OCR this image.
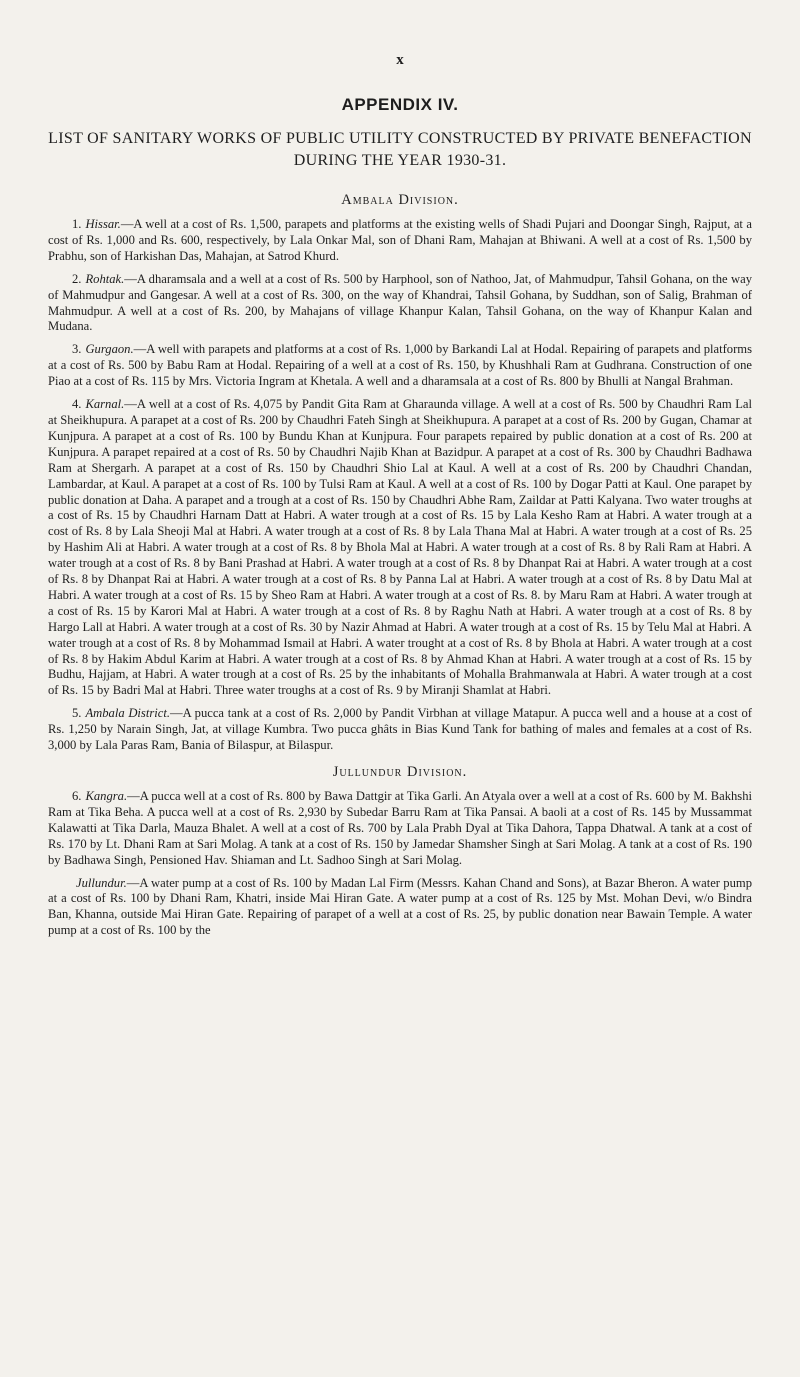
x
APPENDIX IV.
LIST OF SANITARY WORKS OF PUBLIC UTILITY CONSTRUCTED BY PRIVATE BENEFACTION DURING THE YEAR 1930-31.
Ambala Division.

1. Hissar.—A well at a cost of Rs. 1,500, parapets and platforms at the existing wells of Shadi Pujari and Doongar Singh, Rajput, at a cost of Rs. 1,000 and Rs. 600, respectively, by Lala Onkar Mal, son of Dhani Ram, Mahajan at Bhiwani. A well at a cost of Rs. 1,500 by Prabhu, son of Harkishan Das, Mahajan, at Satrod Khurd.

2. Rohtak.—A dharamsala and a well at a cost of Rs. 500 by Harphool, son of Nathoo, Jat, of Mahmudpur, Tahsil Gohana, on the way of Mahmudpur and Gangesar. A well at a cost of Rs. 300, on the way of Khandrai, Tahsil Gohana, by Suddhan, son of Salig, Brahman of Mahmudpur. A well at a cost of Rs. 200, by Mahajans of village Khanpur Kalan, Tahsil Gohana, on the way of Khanpur Kalan and Mudana.

3. Gurgaon.—A well with parapets and platforms at a cost of Rs. 1,000 by Barkandi Lal at Hodal. Repairing of parapets and platforms at a cost of Rs. 500 by Babu Ram at Hodal. Repairing of a well at a cost of Rs. 150, by Khushhali Ram at Gudhrana. Construction of one Piao at a cost of Rs. 115 by Mrs. Victoria Ingram at Khetala. A well and a dharamsala at a cost of Rs. 800 by Bhulli at Nangal Brahman.

4. Karnal.—A well at a cost of Rs. 4,075 by Pandit Gita Ram at Gharaunda village. A well at a cost of Rs. 500 by Chaudhri Ram Lal at Sheikhupura. A parapet at a cost of Rs. 200 by Chaudhri Fateh Singh at Sheikhupura. A parapet at a cost of Rs. 200 by Gugan, Chamar at Kunjpura. A parapet at a cost of Rs. 100 by Bundu Khan at Kunjpura. Four parapets repaired by public donation at a cost of Rs. 200 at Kunjpura. A parapet repaired at a cost of Rs. 50 by Chaudhri Najib Khan at Bazidpur. A parapet at a cost of Rs. 300 by Chaudhri Badhawa Ram at Shergarh. A parapet at a cost of Rs. 150 by Chaudhri Shio Lal at Kaul. A well at a cost of Rs. 200 by Chaudhri Chandan, Lambardar, at Kaul. A parapet at a cost of Rs. 100 by Tulsi Ram at Kaul. A well at a cost of Rs. 100 by Dogar Patti at Kaul. One parapet by public donation at Daha. A parapet and a trough at a cost of Rs. 150 by Chaudhri Abhe Ram, Zaildar at Patti Kalyana. Two water troughs at a cost of Rs. 15 by Chaudhri Harnam Datt at Habri. A water trough at a cost of Rs. 15 by Lala Kesho Ram at Habri. A water trough at a cost of Rs. 8 by Lala Sheoji Mal at Habri. A water trough at a cost of Rs. 8 by Lala Thana Mal at Habri. A water trough at a cost of Rs. 25 by Hashim Ali at Habri. A water trough at a cost of Rs. 8 by Bhola Mal at Habri. A water trough at a cost of Rs. 8 by Rali Ram at Habri. A water trough at a cost of Rs. 8 by Bani Prashad at Habri. A water trough at a cost of Rs. 8 by Dhanpat Rai at Habri. A water trough at a cost of Rs. 8 by Dhanpat Rai at Habri. A water trough at a cost of Rs. 8 by Panna Lal at Habri. A water trough at a cost of Rs. 8 by Datu Mal at Habri. A water trough at a cost of Rs. 15 by Sheo Ram at Habri. A water trough at a cost of Rs. 8. by Maru Ram at Habri. A water trough at a cost of Rs. 15 by Karori Mal at Habri. A water trough at a cost of Rs. 8 by Raghu Nath at Habri. A water trough at a cost of Rs. 8 by Hargo Lall at Habri. A water trough at a cost of Rs. 30 by Nazir Ahmad at Habri. A water trough at a cost of Rs. 15 by Telu Mal at Habri. A water trough at a cost of Rs. 8 by Mohammad Ismail at Habri. A water trought at a cost of Rs. 8 by Bhola at Habri. A water trough at a cost of Rs. 8 by Hakim Abdul Karim at Habri. A water trough at a cost of Rs. 8 by Ahmad Khan at Habri. A water trough at a cost of Rs. 15 by Budhu, Hajjam, at Habri. A water trough at a cost of Rs. 25 by the inhabitants of Mohalla Brahmanwala at Habri. A water trough at a cost of Rs. 15 by Badri Mal at Habri. Three water troughs at a cost of Rs. 9 by Miranji Shamlat at Habri.

5. Ambala District.—A pucca tank at a cost of Rs. 2,000 by Pandit Virbhan at village Matapur. A pucca well and a house at a cost of Rs. 1,250 by Narain Singh, Jat, at village Kumbra. Two pucca ghâts in Bias Kund Tank for bathing of males and females at a cost of Rs. 3,000 by Lala Paras Ram, Bania of Bilaspur, at Bilaspur.

Jullundur Division.

6. Kangra.—A pucca well at a cost of Rs. 800 by Bawa Dattgir at Tika Garli. An Atyala over a well at a cost of Rs. 600 by M. Bakhshi Ram at Tika Beha. A pucca well at a cost of Rs. 2,930 by Subedar Barru Ram at Tika Pansai. A baoli at a cost of Rs. 145 by Mussammat Kalawatti at Tika Darla, Mauza Bhalet. A well at a cost of Rs. 700 by Lala Prabh Dyal at Tika Dahora, Tappa Dhatwal. A tank at a cost of Rs. 170 by Lt. Dhani Ram at Sari Molag. A tank at a cost of Rs. 150 by Jamedar Shamsher Singh at Sari Molag. A tank at a cost of Rs. 190 by Badhawa Singh, Pensioned Hav. Shiaman and Lt. Sadhoo Singh at Sari Molag.

Jullundur.—A water pump at a cost of Rs. 100 by Madan Lal Firm (Messrs. Kahan Chand and Sons), at Bazar Bheron. A water pump at a cost of Rs. 100 by Dhani Ram, Khatri, inside Mai Hiran Gate. A water pump at a cost of Rs. 125 by Mst. Mohan Devi, w/o Bindra Ban, Khanna, outside Mai Hiran Gate. Repairing of parapet of a well at a cost of Rs. 25, by public donation near Bawain Temple. A water pump at a cost of Rs. 100 by the
